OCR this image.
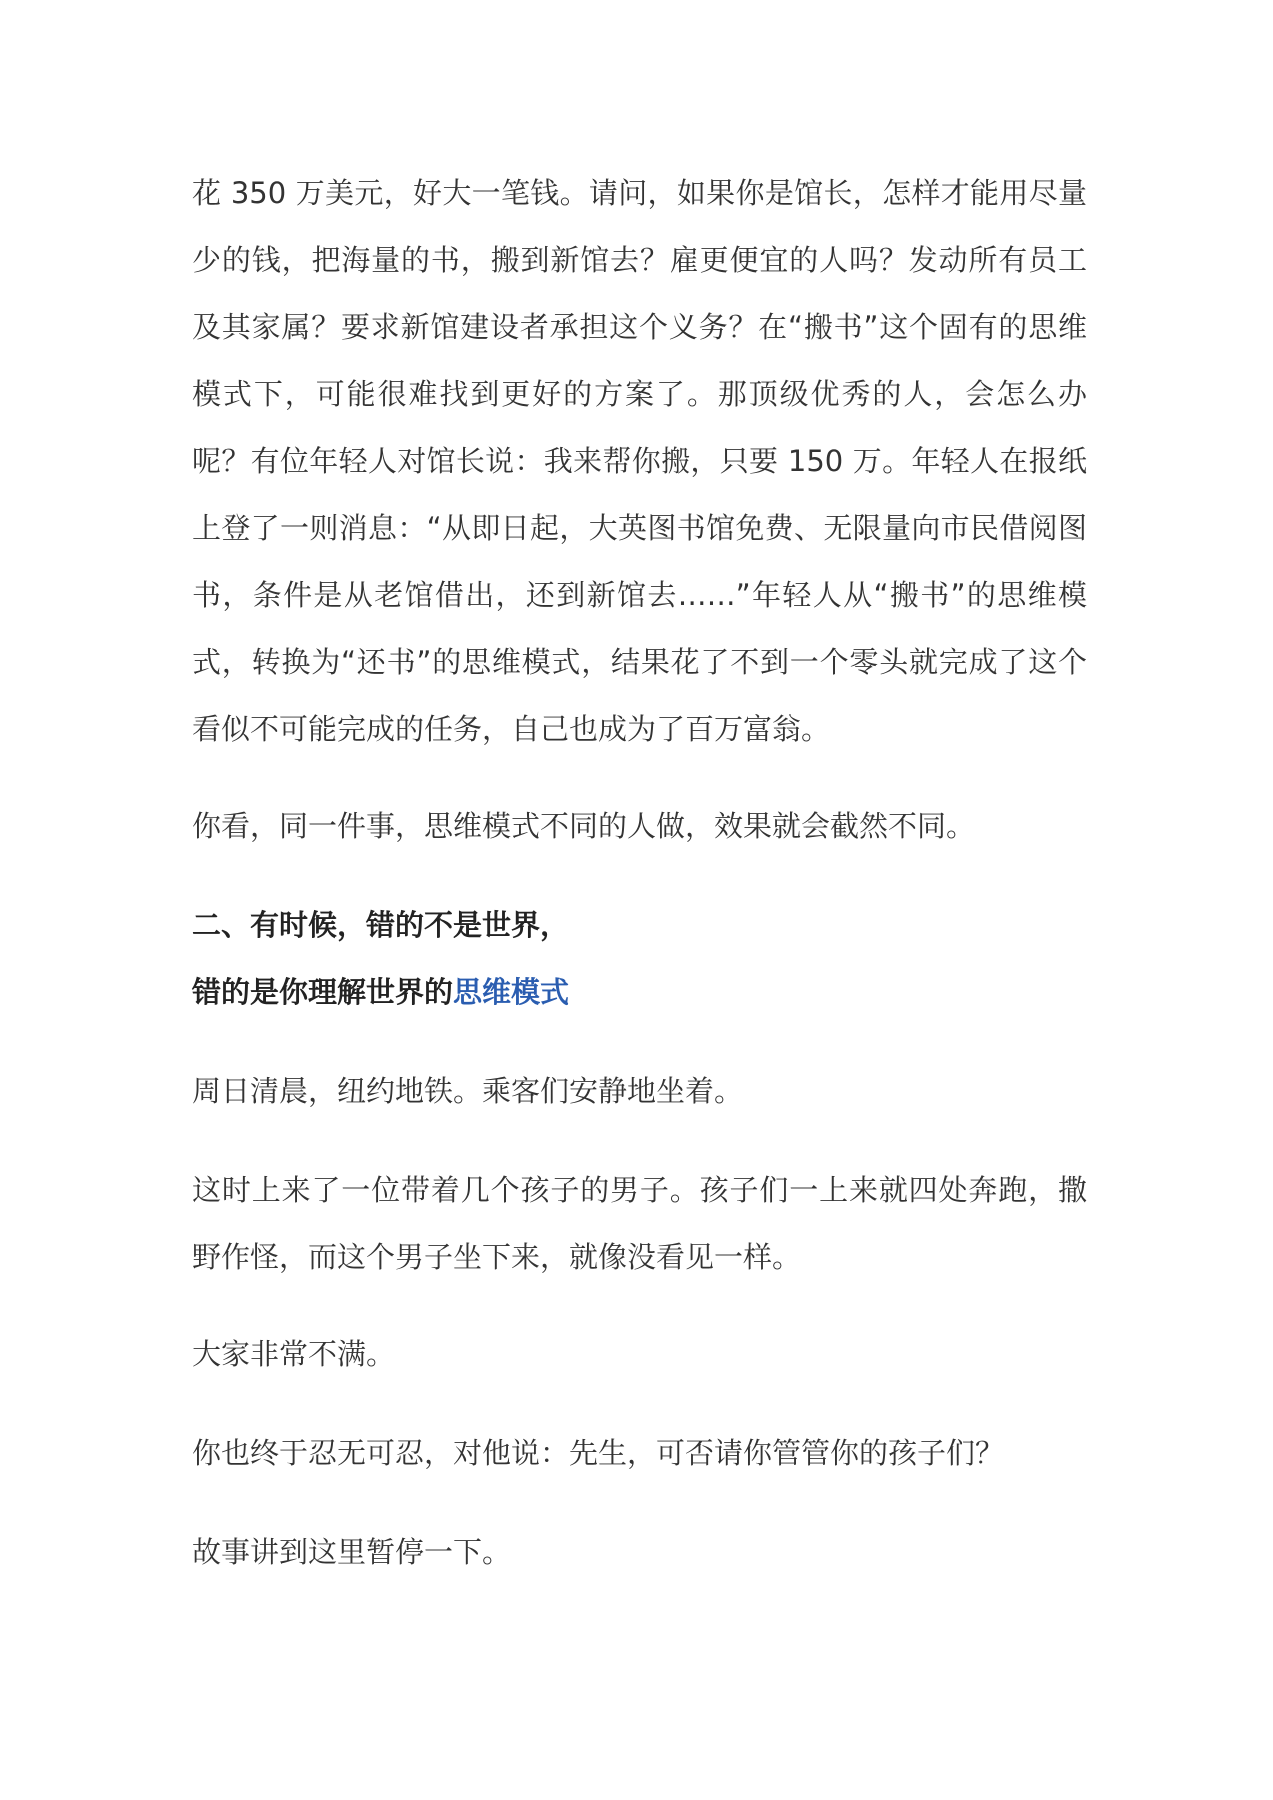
花 350 万美元，好大一笔钱。请问，如果你是馆长，怎样才能用尽量少的钱，把海量的书，搬到新馆去？雇更便宜的人吗？发动所有员工及其家属？要求新馆建设者承担这个义务？在“搬书”这个固有的思维模式下，可能很难找到更好的方案了。那顶级优秀的人，会怎么办呢？有位年轻人对馆长说：我来帮你搬，只要 150 万。年轻人在报纸上登了一则消息：“从即日起，大英图书馆免费、无限量向市民借阅图书，条件是从老馆借出，还到新馆去……”年轻人从“搬书”的思维模式，转换为“还书”的思维模式，结果花了不到一个零头就完成了这个看似不可能完成的任务，自己也成为了百万富翁。

你看，同一件事，思维模式不同的人做，效果就会截然不同。

二、有时候，错的不是世界，
错的是你理解世界的思维模式

周日清晨，纽约地铁。乘客们安静地坐着。

这时上来了一位带着几个孩子的男子。孩子们一上来就四处奔跑，撒野作怪，而这个男子坐下来，就像没看见一样。

大家非常不满。

你也终于忍无可忍，对他说：先生，可否请你管管你的孩子们？

故事讲到这里暂停一下。
